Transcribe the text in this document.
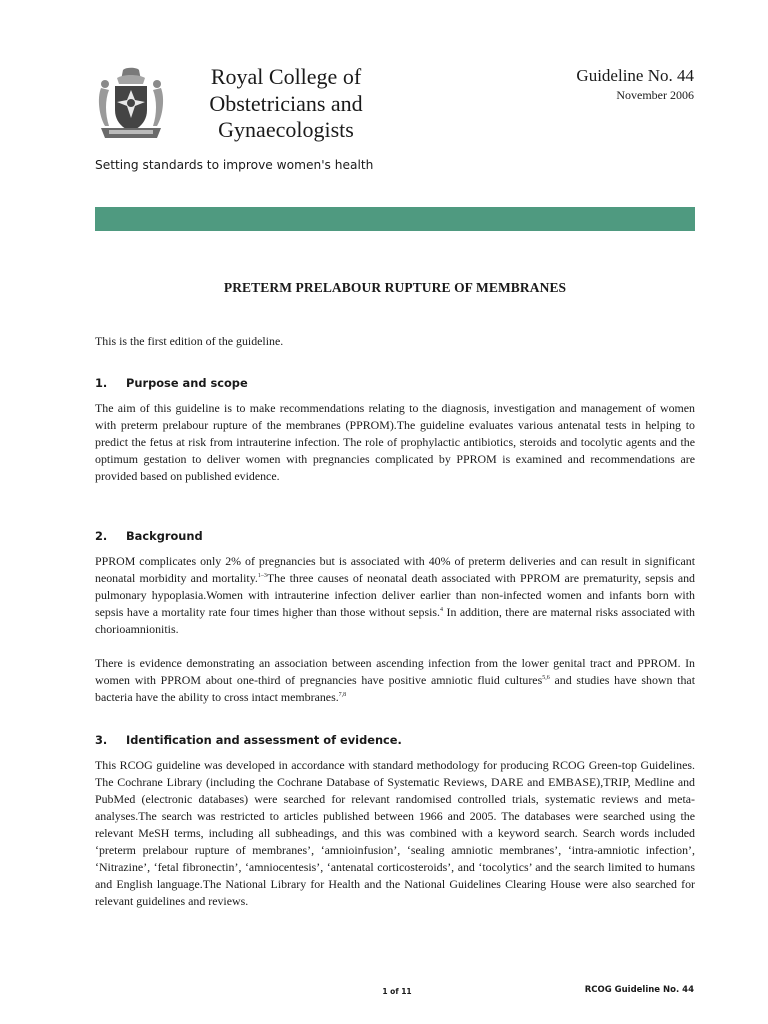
Royal College of
Obstetricians and
Gynaecologists
Setting standards to improve women's health
Guideline No. 44
November 2006
PRETERM PRELABOUR RUPTURE OF MEMBRANES
This is the first edition of the guideline.
1. Purpose and scope
The aim of this guideline is to make recommendations relating to the diagnosis, investigation and management of women with preterm prelabour rupture of the membranes (PPROM).The guideline evaluates various antenatal tests in helping to predict the fetus at risk from intrauterine infection. The role of prophylactic antibiotics, steroids and tocolytic agents and the optimum gestation to deliver women with pregnancies complicated by PPROM is examined and recommendations are provided based on published evidence.
2. Background
PPROM complicates only 2% of pregnancies but is associated with 40% of preterm deliveries and can result in significant neonatal morbidity and mortality.$^{1-3}$The three causes of neonatal death associated with PPROM are prematurity, sepsis and pulmonary hypoplasia.Women with intrauterine infection deliver earlier than non-infected women and infants born with sepsis have a mortality rate four times higher than those without sepsis.$^4$ In addition, there are maternal risks associated with chorioamnionitis.
There is evidence demonstrating an association between ascending infection from the lower genital tract and PPROM. In women with PPROM about one-third of pregnancies have positive amniotic fluid cultures$^{5,6}$ and studies have shown that bacteria have the ability to cross intact membranes.$^{7,8}$
3. Identification and assessment of evidence.
This RCOG guideline was developed in accordance with standard methodology for producing RCOG Green-top Guidelines. The Cochrane Library (including the Cochrane Database of Systematic Reviews, DARE and EMBASE),TRIP, Medline and PubMed (electronic databases) were searched for relevant randomised controlled trials, systematic reviews and meta-analyses.The search was restricted to articles published between 1966 and 2005. The databases were searched using the relevant MeSH terms, including all subheadings, and this was combined with a keyword search. Search words included ‘preterm prelabour rupture of membranes’, ‘amnioinfusion’, ‘sealing amniotic membranes’, ‘intra-amniotic infection’, ‘Nitrazine’, ‘fetal fibronectin’, ‘amniocentesis’, ‘antenatal corticosteroids’, and ‘tocolytics’ and the search limited to humans and English language.The National Library for Health and the National Guidelines Clearing House were also searched for relevant guidelines and reviews.
1 of 11	RCOG Guideline No. 44
